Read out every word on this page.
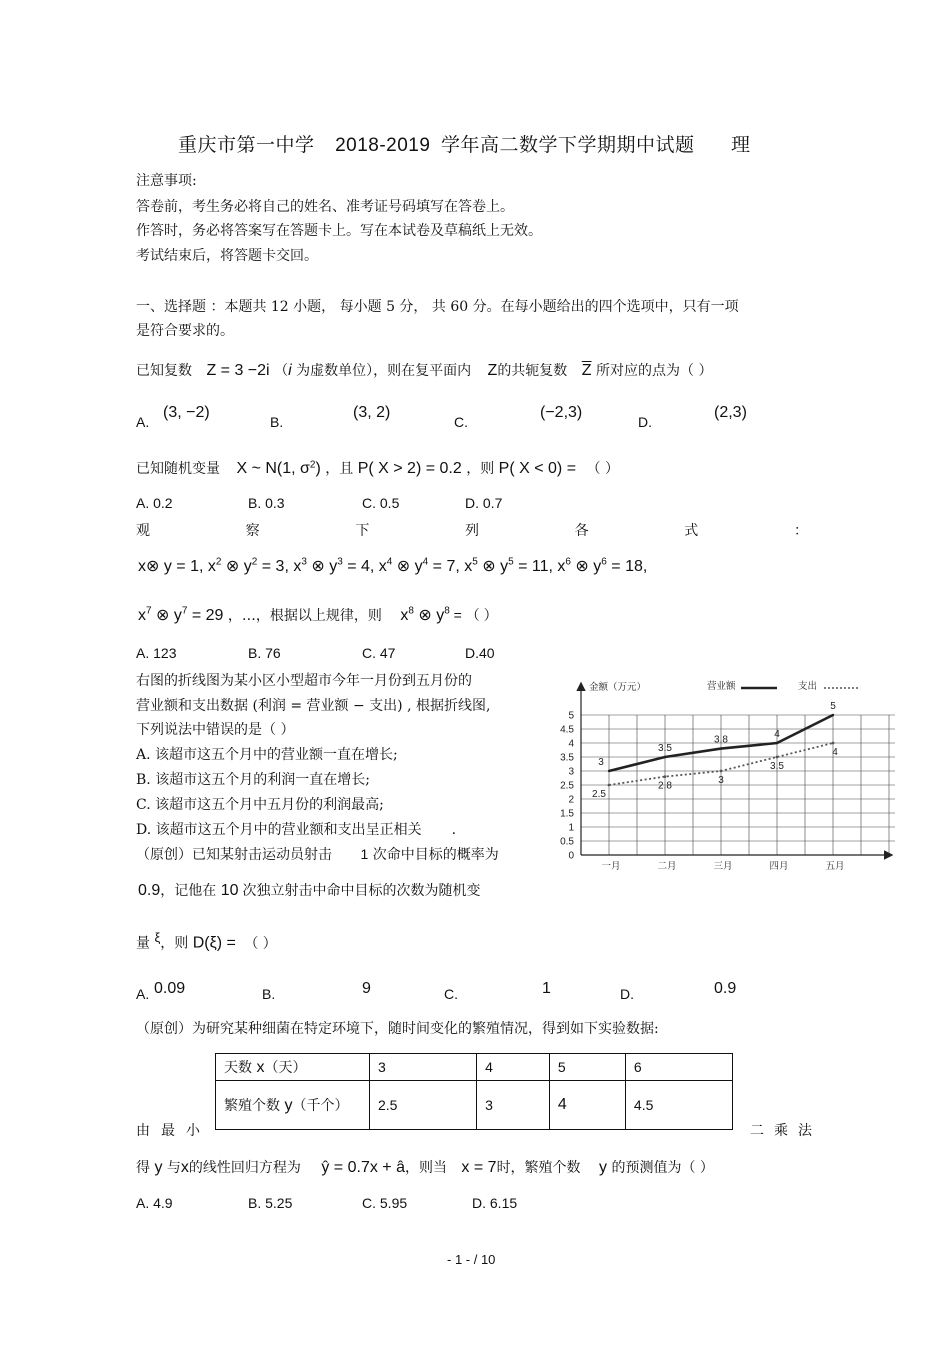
重庆市第一中学 2018-2019 学年高二数学下学期期中试题 理
注意事项:
答卷前，考生务必将自己的姓名、准考证号码填写在答卷上。
作答时，务必将答案写在答题卡上。写在本试卷及草稿纸上无效。
考试结束后，将答题卡交回。
一、选择题 ：本题共 12 小题， 每小题 5 分， 共 60 分。在每小题给出的四个选项中，只有一项
是符合要求的。
已知复数 Z = 3 −2i （i 为虚数单位），则在复平面内 Z的共轭复数 $\overline{Z}$ 所对应的点为（ ）
A.
(3, −2)
B.
(3, 2)
C.
(−2,3)
D.
(2,3)
已知随机变量 X ~ N(1, $\sigma^2$) ，且 P( X > 2) = 0.2 ，则 P( X < 0) = （ ）
A. 0.2	B. 0.3	C. 0.5	D. 0.7
观	察	下	列	各	式	：
x⊗ y = 1, $x^2$ ⊗ $y^2 = 3$, $x^3$ ⊗ $y^3 = 4$, $x^4$ ⊗ $y^4 = 7$, $x^5$ ⊗ $y^5 = 11$, $x^6$ ⊗ $y^6 = 18$,
$x^7$ ⊗ $y^7 = 29$ ，…，根据以上规律，则 $x^8$ ⊗ $y^8$ = （ ）
A. 123	B. 76	C. 47	D.40
右图的折线图为某小区小型超市今年一月份到五月份的
营业额和支出数据 (利润 = 营业额 − 支出) , 根据折线图,
下列说法中错误的是（ ）
A. 该超市这五个月中的营业额一直在增长;
B. 该超市这五个月的利润一直在增长;
C. 该超市这五个月中五月份的利润最高;
D. 该超市这五个月中的营业额和支出呈正相关 .
金额（万元）	营业额	支出
0
0.5
1
1.5
2
2.5
3
3.5
4
4.5
5
一月	二月	三月	四月	五月
3
3.5
3.8
4
5
2.5
2.8
3
3.5
4
（原创）已知某射击运动员射击 1 次命中目标的概率为
0.9，记他在 10 次独立射击中命中目标的次数为随机变
量 $^\xi$，则 D(ξ) = （ ）
A. 0.09	B.	9	C.	1	D.	0.9
（原创）为研究某种细菌在特定环境下，随时间变化的繁殖情况，得到如下实验数据:
天数 x（天）	3	4	5	6
繁殖个数 y（千个）	2.5	3	4	4.5
由 最 小	二 乘 法
得 y 与x的线性回归方程为 ŷ = 0.7x + â，则当 x = 7时，繁殖个数 y 的预测值为（ ）
A. 4.9	B. 5.25	C. 5.95	D. 6.15
- 1 - / 10
